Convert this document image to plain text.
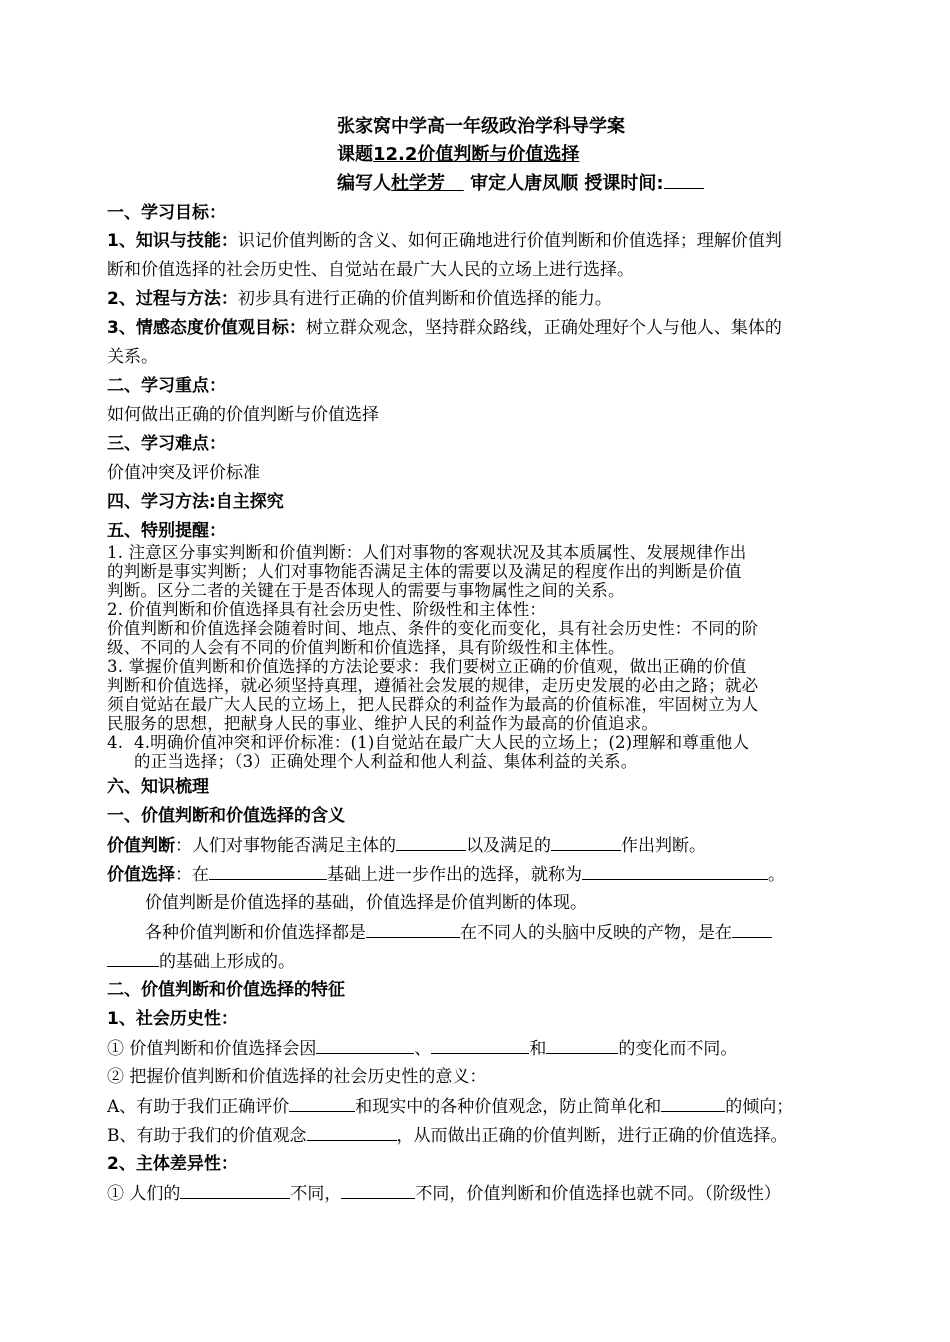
张家窝中学高一年级政治学科导学案
课题12.2价值判断与价值选择
编写人杜学芳 审定人唐凤顺 授课时间:
一、学习目标：
1、知识与技能：识记价值判断的含义、如何正确地进行价值判断和价值选择；理解价值判
断和价值选择的社会历史性、自觉站在最广大人民的立场上进行选择。
2、过程与方法：初步具有进行正确的价值判断和价值选择的能力。
3、情感态度价值观目标：树立群众观念，坚持群众路线，正确处理好个人与他人、集体的
关系。
二、学习重点：
如何做出正确的价值判断与价值选择
三、学习难点：
价值冲突及评价标准
四、学习方法:自主探究
五、特别提醒：
1. 注意区分事实判断和价值判断：人们对事物的客观状况及其本质属性、发展规律作出
的判断是事实判断；人们对事物能否满足主体的需要以及满足的程度作出的判断是价值
判断。区分二者的关键在于是否体现人的需要与事物属性之间的关系。
2. 价值判断和价值选择具有社会历史性、阶级性和主体性：
价值判断和价值选择会随着时间、地点、条件的变化而变化，具有社会历史性：不同的阶
级、不同的人会有不同的价值判断和价值选择，具有阶级性和主体性。
3. 掌握价值判断和价值选择的方法论要求：我们要树立正确的价值观，做出正确的价值
判断和价值选择，就必须坚持真理，遵循社会发展的规律，走历史发展的必由之路；就必
须自觉站在最广大人民的立场上，把人民群众的利益作为最高的价值标准，牢固树立为人
民服务的思想，把献身人民的事业、维护人民的利益作为最高的价值追求。
4. 4.明确价值冲突和评价标准：(1)自觉站在最广大人民的立场上；(2)理解和尊重他人
的正当选择；（3）正确处理个人利益和他人利益、集体利益的关系。
六、知识梳理
一、价值判断和价值选择的含义
价值判断：人们对事物能否满足主体的	以及满足的	作出判断。
价值选择：在	基础上进一步作出的选择，就称为	。
价值判断是价值选择的基础，价值选择是价值判断的体现。
各种价值判断和价值选择都是	在不同人的头脑中反映的产物，是在
的基础上形成的。
二、价值判断和价值选择的特征
1、社会历史性：
① 价值判断和价值选择会因	、	和	的变化而不同。
② 把握价值判断和价值选择的社会历史性的意义：
A、有助于我们正确评价	和现实中的各种价值观念，防止简单化和	的倾向；
B、有助于我们的价值观念	，从而做出正确的价值判断，进行正确的价值选择。
2、主体差异性：
① 人们的	不同，	不同，价值判断和价值选择也就不同。（阶级性）
